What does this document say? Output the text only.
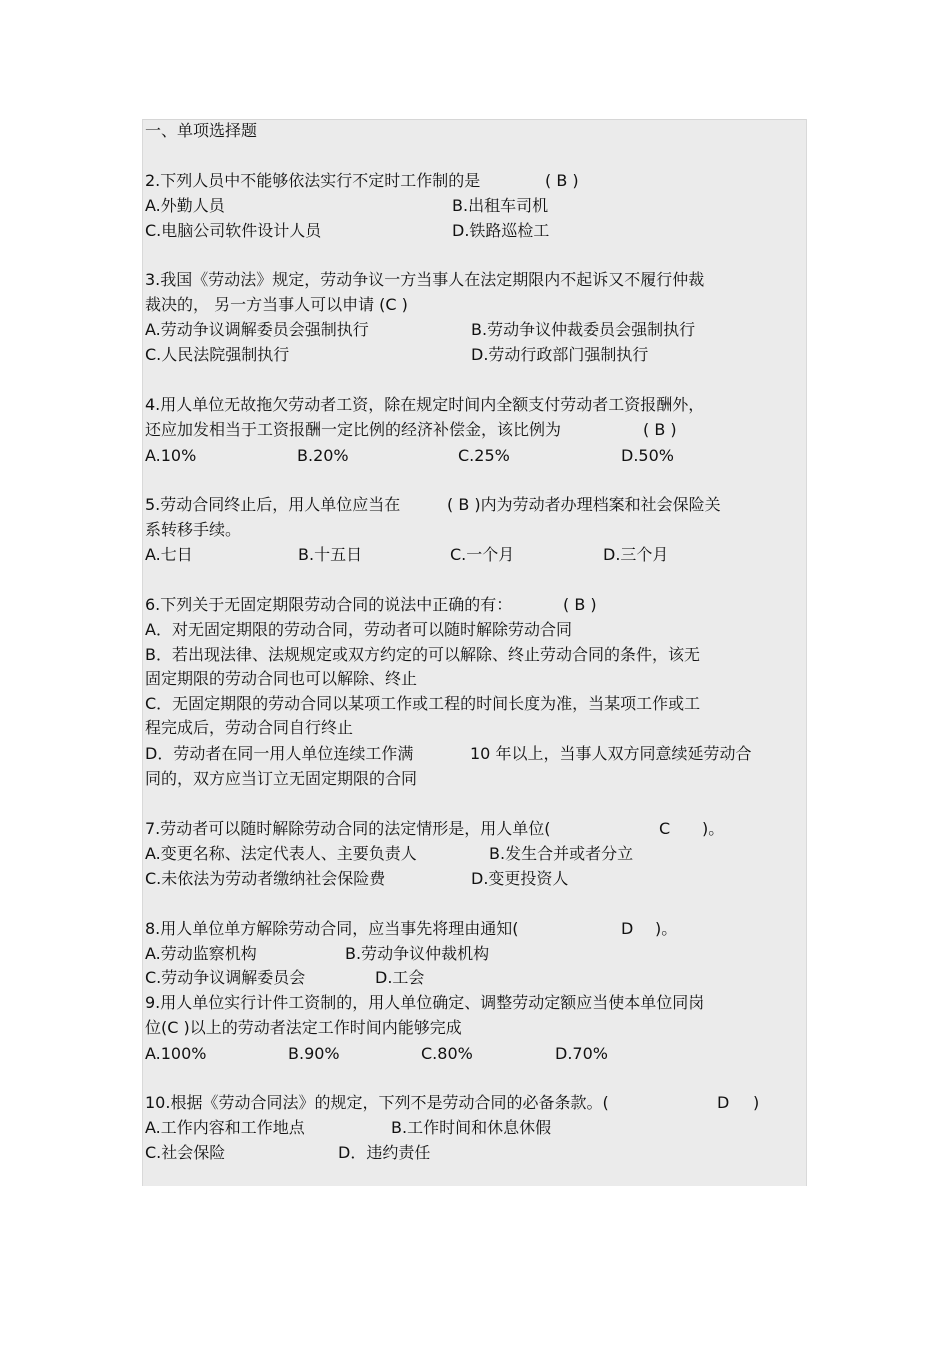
一、单项选择题
2.下列人员中不能够依法实行不定时工作制的是	( B )
A.外勤人员	B.出租车司机
C.电脑公司软件设计人员	D.铁路巡检工
3.我国《劳动法》规定，劳动争议一方当事人在法定期限内不起诉又不履行仲裁
裁决的， 另一方当事人可以申请 (C )
A.劳动争议调解委员会强制执行	B.劳动争议仲裁委员会强制执行
C.人民法院强制执行	D.劳动行政部门强制执行
4.用人单位无故拖欠劳动者工资，除在规定时间内全额支付劳动者工资报酬外，
还应加发相当于工资报酬一定比例的经济补偿金，该比例为	( B )
A.10%	B.20%	C.25%	D.50%
5.劳动合同终止后，用人单位应当在	( B )内为劳动者办理档案和社会保险关
系转移手续。
A.七日	B.十五日	C.一个月	D.三个月
6.下列关于无固定期限劳动合同的说法中正确的有：	( B )
A．对无固定期限的劳动合同，劳动者可以随时解除劳动合同
B．若出现法律、法规规定或双方约定的可以解除、终止劳动合同的条件，该无
固定期限的劳动合同也可以解除、终止
C．无固定期限的劳动合同以某项工作或工程的时间长度为准，当某项工作或工
程完成后，劳动合同自行终止
D．劳动者在同一用人单位连续工作满	10 年以上，当事人双方同意续延劳动合
同的，双方应当订立无固定期限的合同
7.劳动者可以随时解除劳动合同的法定情形是，用人单位(	C )。
A.变更名称、法定代表人、主要负责人	B.发生合并或者分立
C.未依法为劳动者缴纳社会保险费	D.变更投资人
8.用人单位单方解除劳动合同，应当事先将理由通知(	D )。
A.劳动监察机构	B.劳动争议仲裁机构
C.劳动争议调解委员会	D.工会
9.用人单位实行计件工资制的，用人单位确定、调整劳动定额应当使本单位同岗
位(C )以上的劳动者法定工作时间内能够完成
A.100%	B.90%	C.80%	D.70%
10.根据《劳动合同法》的规定，下列不是劳动合同的必备条款。(	D )
A.工作内容和工作地点	B.工作时间和休息休假
C.社会保险	D．违约责任
